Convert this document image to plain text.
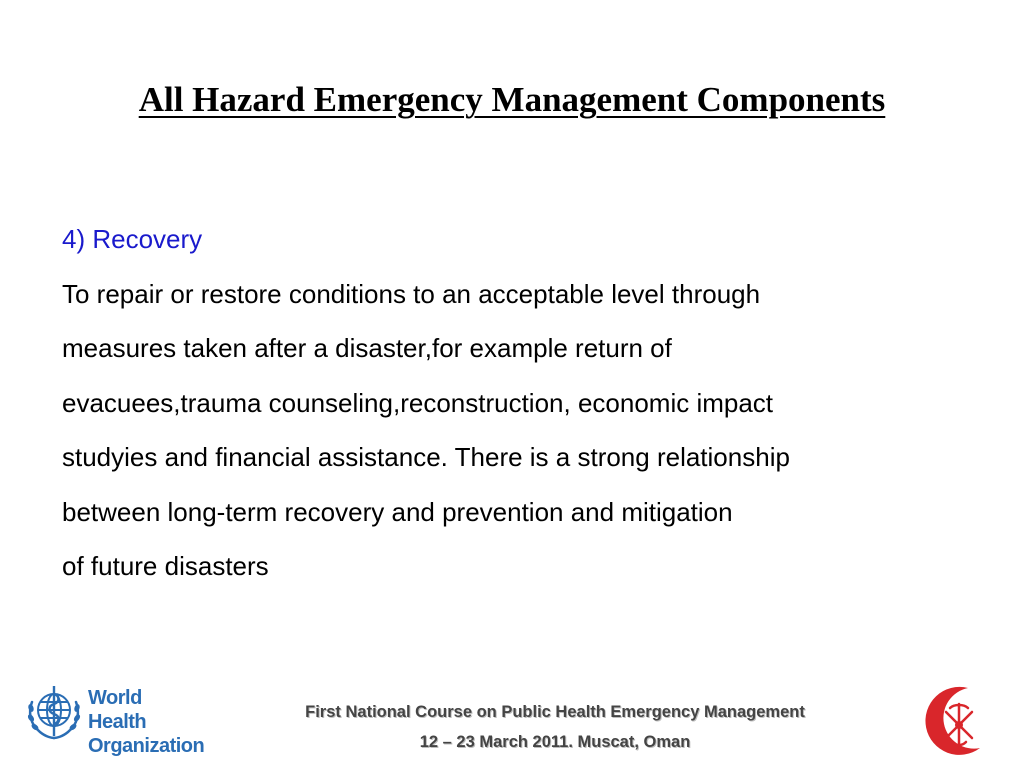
All Hazard Emergency Management Components
4) Recovery
To repair or restore conditions to an acceptable level through
measures taken after a disaster,for example return of
evacuees,trauma counseling,reconstruction, economic impact
studyies and financial assistance. There is a strong relationship
between long-term recovery and prevention and mitigation
of future disasters
World Health
Organization
First National Course on Public Health Emergency Management
12 – 23 March 2011. Muscat, Oman
